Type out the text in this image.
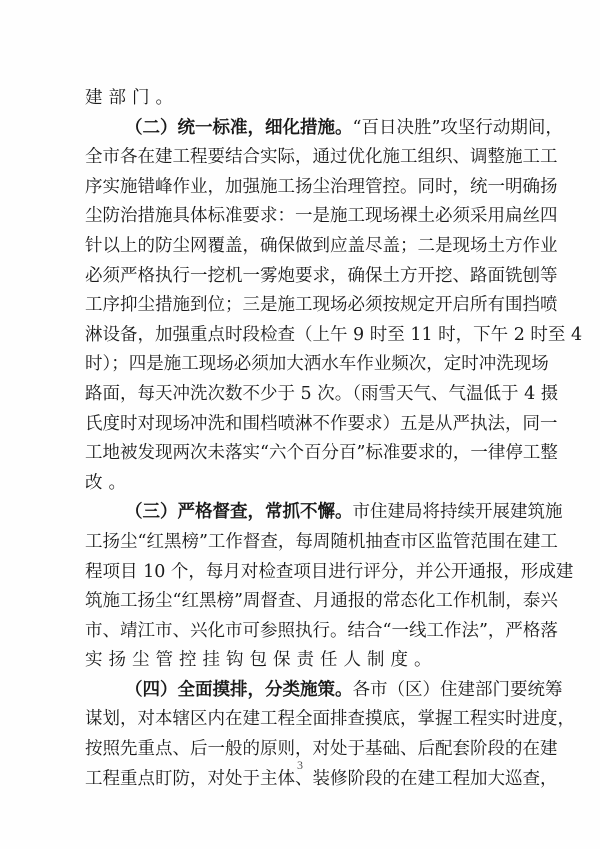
建部门。
（二）统一标准，细化措施。“百日决胜”攻坚行动期间，
全市各在建工程要结合实际，通过优化施工组织、调整施工工
序实施错峰作业，加强施工扬尘治理管控。同时，统一明确扬
尘防治措施具体标准要求：一是施工现场裸土必须采用扁丝四
针以上的防尘网覆盖，确保做到应盖尽盖；二是现场土方作业
必须严格执行一挖机一雾炮要求，确保土方开挖、路面铣刨等
工序抑尘措施到位；三是施工现场必须按规定开启所有围挡喷
淋设备，加强重点时段检查（上午 9 时至 11 时，下午 2 时至 4
时）；四是施工现场必须加大洒水车作业频次，定时冲洗现场
路面，每天冲洗次数不少于 5 次。（雨雪天气、气温低于 4 摄
氏度时对现场冲洗和围档喷淋不作要求）五是从严执法，同一
工地被发现两次未落实“六个百分百”标准要求的，一律停工整
改。
（三）严格督查，常抓不懈。市住建局将持续开展建筑施
工扬尘“红黑榜”工作督查，每周随机抽查市区监管范围在建工
程项目 10 个，每月对检查项目进行评分，并公开通报，形成建
筑施工扬尘“红黑榜”周督查、月通报的常态化工作机制，泰兴
市、靖江市、兴化市可参照执行。结合“一线工作法”，严格落
实扬尘管控挂钩包保责任人制度。
（四）全面摸排，分类施策。各市（区）住建部门要统筹
谋划，对本辖区内在建工程全面排查摸底，掌握工程实时进度，
按照先重点、后一般的原则，对处于基础、后配套阶段的在建
工程重点盯防，对处于主体、装修阶段的在建工程加大巡查，
3
